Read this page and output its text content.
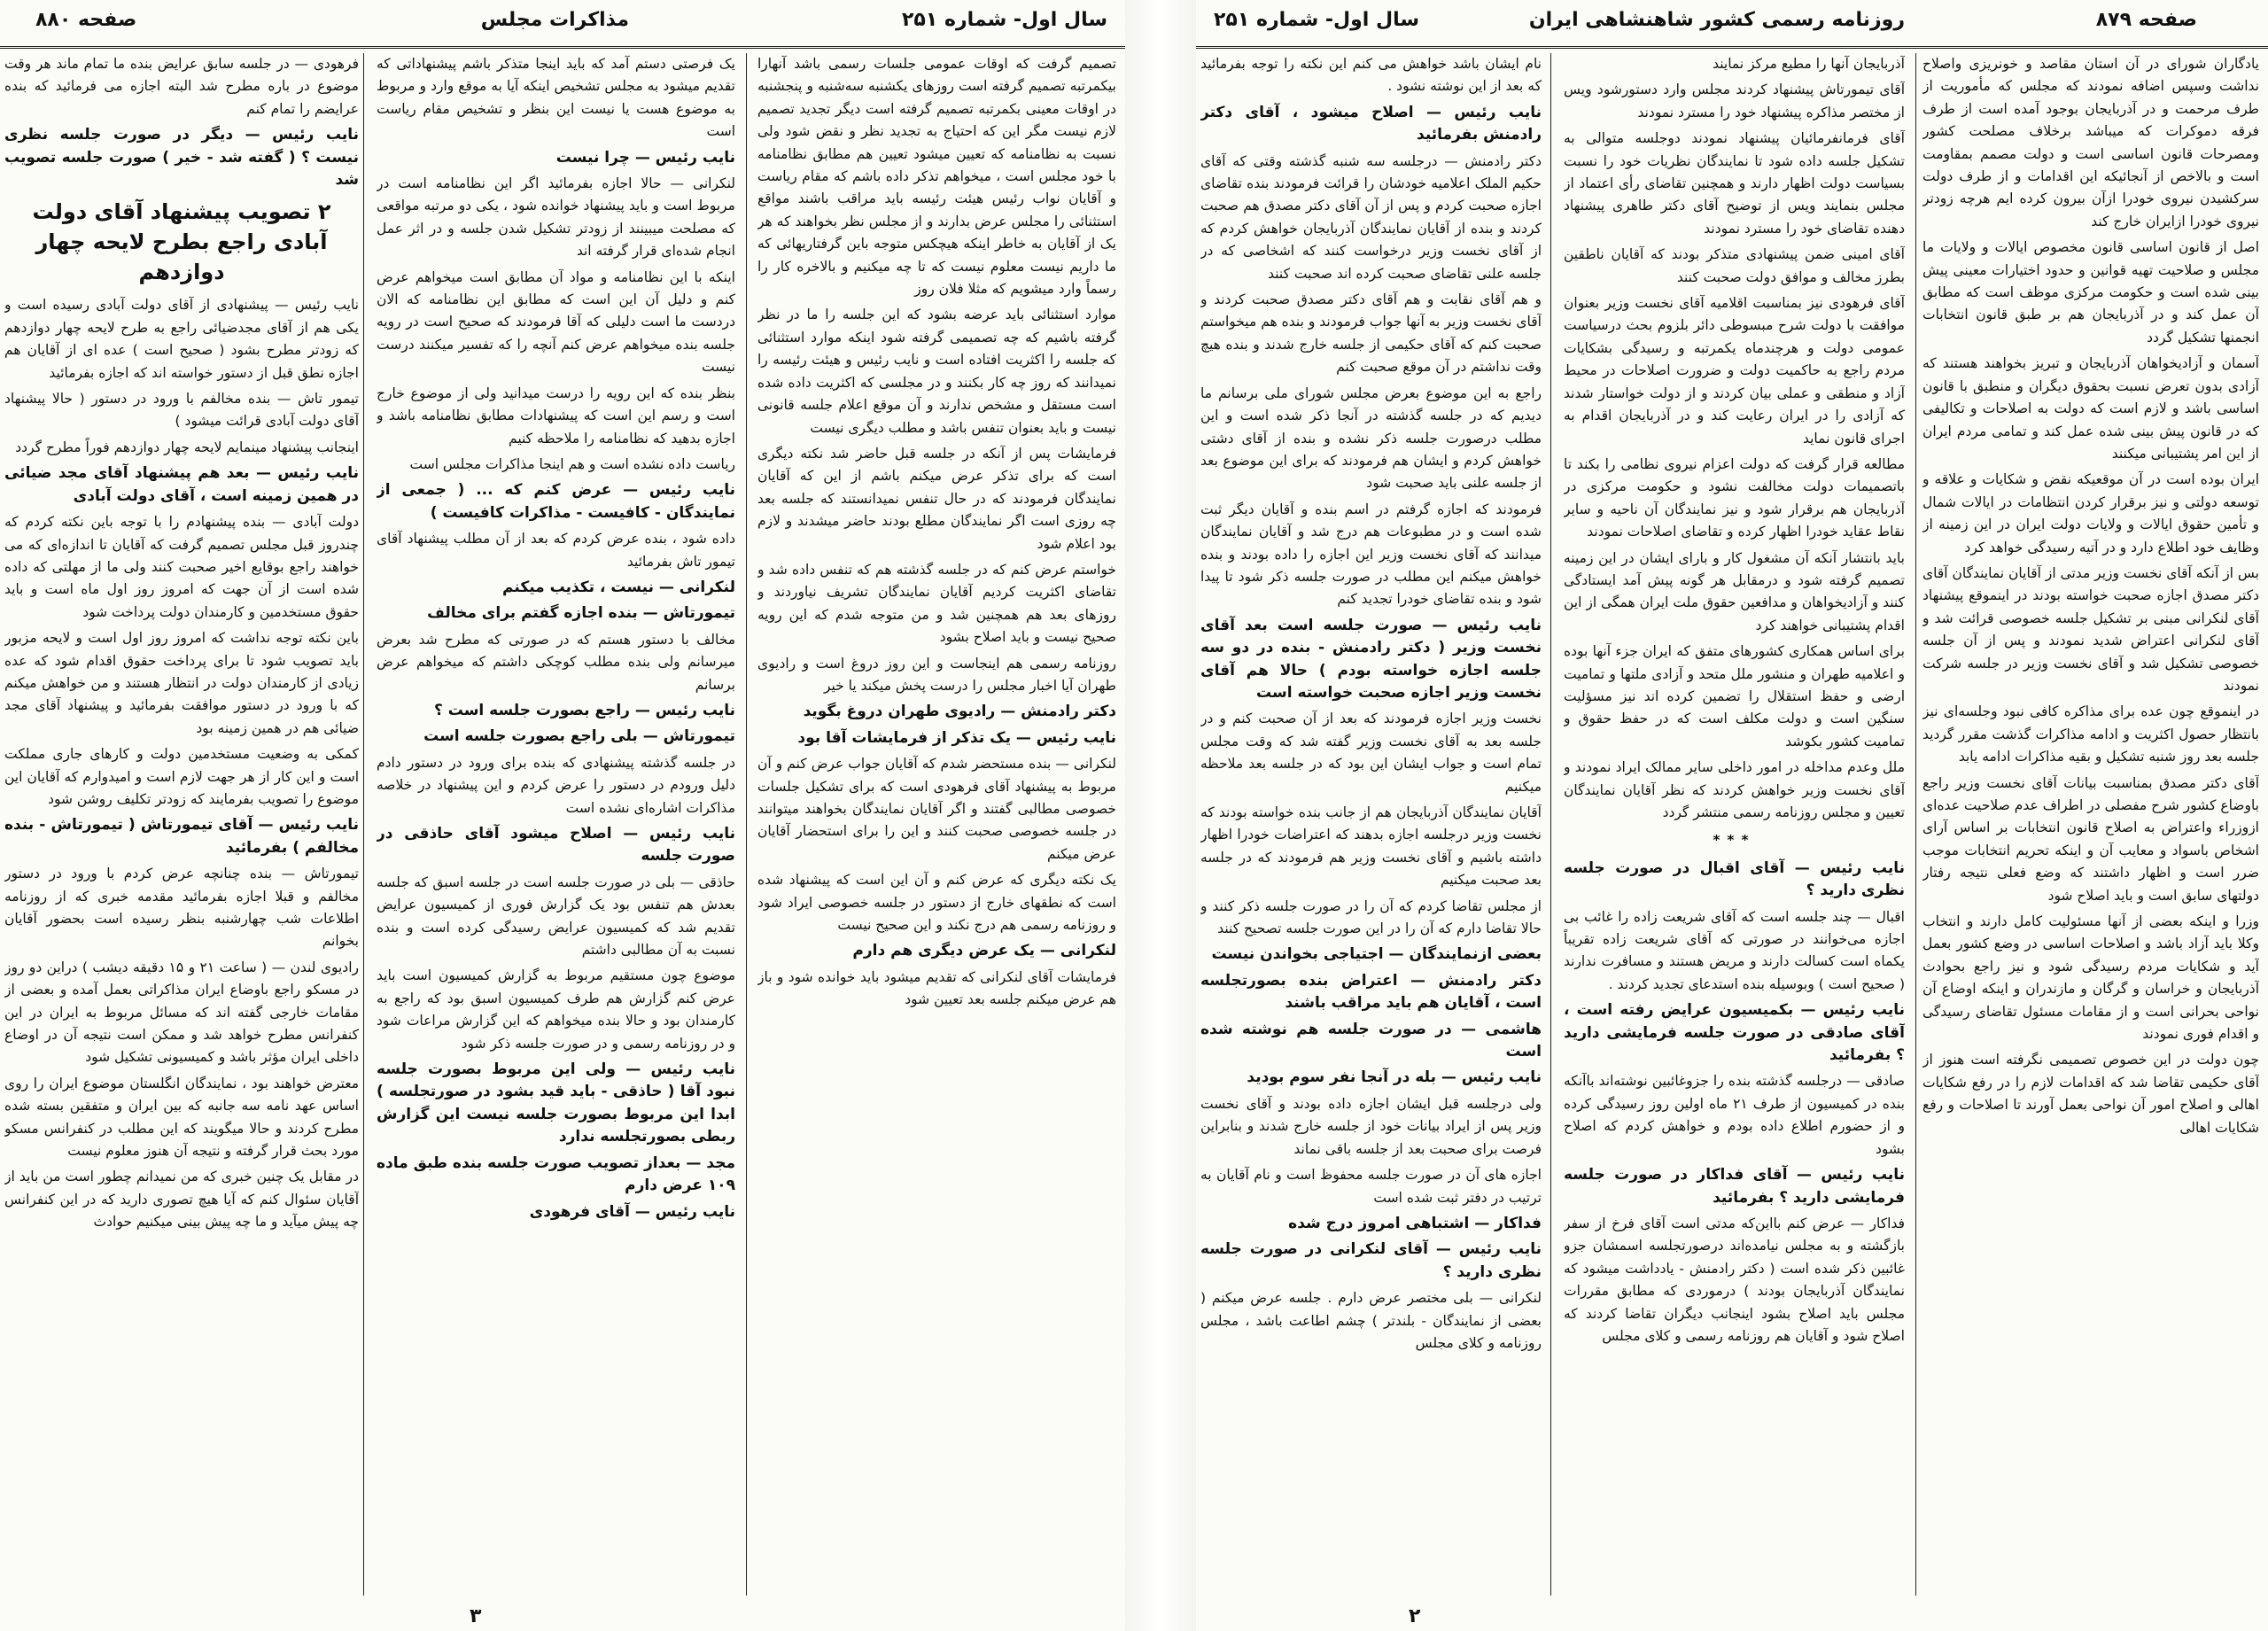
سال اول- شماره ۲۵۱
مذاکرات مجلس
صفحه ۸۸۰
تصمیم گرفت که اوقات عمومی جلسات رسمی باشد آنهارا بیکمرتبه تصمیم گرفته است روزهای یکشنبه سه‌شنبه و پنجشنبه در اوقات معینی بکمرتبه تصمیم گرفته است دیگر تجدید تصمیم لازم نیست مگر این که احتیاج به تجدید نظر و نقض شود ولی نسبت به نظامنامه که تعیین میشود تعیین هم مطابق نظامنامه با خود مجلس است ، میخواهم تذکر داده باشم که مقام ریاست و آقایان نواب رئیس هیئت رئیسه باید مراقب باشند مواقع استثنائی را مجلس عرض بدارند و از مجلس نظر بخواهند که هر یک از آقایان به خاطر اینکه هیچکس متوجه باین گرفتاریهائی که ما داریم نیست معلوم نیست که تا چه میکنیم و بالاخره کار را رسماً وارد میشویم که مثلا فلان روز
موارد استثنائی باید عرضه بشود که این جلسه را ما در نظر گرفته باشیم که چه تصمیمی گرفته شود اینکه موارد استثنائی که جلسه را اکثریت افتاده است و نایب رئیس و هیئت رئیسه را نمیدانند که روز چه کار بکنند و در مجلسی که اکثریت داده شده است مستقل و مشخص ندارند و آن موقع اعلام جلسه قانونی نیست و باید بعنوان تنفس باشد و مطلب دیگری نیست
فرمایشات پس از آنکه در جلسه قبل حاضر شد نکته دیگری است که برای تذکر عرض میکنم باشم از این که آقایان نمایندگان فرمودند که در حال تنفس نمیدانستند که جلسه بعد چه روزی است اگر نمایندگان مطلع بودند حاضر میشدند و لازم بود اعلام شود
خواستم عرض کنم که در جلسه گذشته هم که تنفس داده شد و تقاضای اکثریت کردیم آقایان نمایندگان تشریف نیاوردند و روزهای بعد هم همچنین شد و من متوجه شدم که این رویه صحیح نیست و باید اصلاح بشود
روزنامه رسمی هم اینجاست و این روز دروغ است و رادیوی طهران آیا اخبار مجلس را درست پخش میکند یا خیر
دکتر رادمنش — رادیوی طهران دروغ بگوید
نایب رئیس — یک تذکر از فرمایشات آقا بود
لنکرانی — بنده مستحضر شدم که آقایان جواب عرض کنم و آن مربوط به پیشنهاد آقای فرهودی است که برای تشکیل جلسات خصوصی مطالبی گفتند و اگر آقایان نمایندگان بخواهند میتوانند در جلسه خصوصی صحبت کنند و این را برای استحضار آقایان عرض میکنم
یک نکته دیگری که عرض کنم و آن این است که پیشنهاد شده است که نطقهای خارج از دستور در جلسه خصوصی ایراد شود و روزنامه رسمی هم درج نکند و این صحیح نیست
لنکرانی — یک عرض دیگری هم دارم
فرمایشات آقای لنکرانی که تقدیم میشود باید خوانده شود و باز هم عرض میکنم جلسه بعد تعیین شود
یک فرصتی دستم آمد که باید اینجا متذکر باشم پیشنهاداتی که تقدیم میشود به مجلس تشخیص اینکه آیا به موقع وارد و مربوط به موضوع هست یا نیست این بنظر و تشخیص مقام ریاست است
نایب رئیس — چرا نیست
لنکرانی — حالا اجازه بفرمائید اگر این نظامنامه است در مربوط است و باید پیشنهاد خوانده شود ، یکی دو مرتبه مواقعی که مصلحت میبینند از زودتر تشکیل شدن جلسه و در اثر عمل انجام شده‌ای قرار گرفته اند
اینکه با این نظامنامه و مواد آن مطابق است میخواهم عرض کنم و دلیل آن این است که مطابق این نظامنامه که الان دردست ما است دلیلی که آقا فرمودند که صحیح است در رویه جلسه بنده میخواهم عرض کنم آنچه را که تفسیر میکنند درست نیست
بنظر بنده که این رویه را درست میدانید ولی از موضوع خارج است و رسم این است که پیشنهادات مطابق نظامنامه باشد و اجازه بدهید که نظامنامه را ملاحظه کنیم
ریاست داده نشده است و هم اینجا مذاکرات مجلس است
نایب رئیس — عرض کنم که ... ( جمعی از نمایندگان - کافیست - مذاکرات کافیست )
داده شود ، بنده عرض کردم که بعد از آن مطلب پیشنهاد آقای تیمور تاش بفرمائید
لنکرانی — نیست ، تکذیب میکنم
تیمورتاش — بنده اجازه گفتم برای مخالف
مخالف با دستور هستم که در صورتی که مطرح شد بعرض میرسانم ولی بنده مطلب کوچکی داشتم که میخواهم عرض برسانم
نایب رئیس — راجع بصورت جلسه است ؟
تیمورتاش — بلی راجع بصورت جلسه است
در جلسه گذشته پیشنهادی که بنده برای ورود در دستور دادم دلیل ورودم در دستور را عرض کردم و این پیشنهاد در خلاصه مذاکرات اشاره‌ای نشده است
نایب رئیس — اصلاح میشود آقای حاذقی در صورت جلسه
حاذقی — بلی در صورت جلسه است در جلسه اسبق که جلسه بعدش هم تنفس بود یک گزارش فوری از کمیسیون عرایض تقدیم شد که کمیسیون عرایض رسیدگی کرده است و بنده نسبت به آن مطالبی داشتم
موضوع چون مستقیم مربوط به گزارش کمیسیون است باید عرض کنم گزارش هم طرف کمیسیون اسبق بود که راجع به کارمندان بود و حالا بنده میخواهم که این گزارش مراعات شود و در روزنامه رسمی و در صورت جلسه ذکر شود
نایب رئیس — ولی این مربوط بصورت جلسه نبود آقا ( حاذقی - باید قید بشود در صورتجلسه ) ابدا این مربوط بصورت جلسه نیست این گزارش ربطی بصورتجلسه ندارد
مجد — بعداز تصویب صورت جلسه بنده طبق ماده ۱۰۹ عرض دارم
نایب رئیس — آقای فرهودی
فرهودی — در جلسه سابق عرایض بنده ما تمام ماند هر وقت موضوع در باره مطرح شد البته اجازه می فرمائید که بنده عرایضم را تمام کنم
نایب رئیس — دیگر در صورت جلسه نظری نیست ؟ ( گفته شد - خیر ) صورت جلسه تصویب شد
۲ تصویب پیشنهاد آقای دولت آبادی راجع بطرح لایحه چهار دوازدهم
نایب رئیس — پیشنهادی از آقای دولت آبادی رسیده است و یکی هم از آقای مجدضیائی راجع به طرح لایحه چهار دوازدهم که زودتر مطرح بشود ( صحیح است ) عده ای از آقایان هم اجازه نطق قبل از دستور خواسته اند که اجازه بفرمائید
تیمور تاش — بنده مخالفم با ورود در دستور ( حالا پیشنهاد آقای دولت آبادی قرائت میشود )
اینجانب پیشنهاد مینمایم لایحه چهار دوازدهم فوراً مطرح گردد
نایب رئیس — بعد هم پیشنهاد آقای مجد ضیائی در همین زمینه است ، آقای دولت آبادی
دولت آبادی — بنده پیشنهادم را با توجه باین نکته کردم که چندروز قبل مجلس تصمیم گرفت که آقایان تا اندازه‌ای که می خواهند راجع بوقایع اخیر صحبت کنند ولی ما از مهلتی که داده شده است از آن جهت که امروز روز اول ماه است و باید حقوق مستخدمین و کارمندان دولت پرداخت شود
باین نکته توجه نداشت که امروز روز اول است و لایحه مزبور باید تصویب شود تا برای پرداخت حقوق اقدام شود که عده زیادی از کارمندان دولت در انتظار هستند و من خواهش میکنم که با ورود در دستور موافقت بفرمائید و پیشنهاد آقای مجد ضیائی هم در همین زمینه بود
کمکی به وضعیت مستخدمین دولت و کارهای جاری مملکت است و این کار از هر جهت لازم است و امیدوارم که آقایان این موضوع را تصویب بفرمایند که زودتر تکلیف روشن شود
نایب رئیس — آقای تیمورتاش ( تیمورتاش - بنده مخالفم ) بفرمائید
تیمورتاش — بنده چنانچه عرض کردم با ورود در دستور مخالفم و قبلا اجازه بفرمائید مقدمه خبری که از روزنامه اطلاعات شب چهارشنبه بنظر رسیده است بحضور آقایان بخوانم
رادیوی لندن — ( ساعت ۲۱ و ۱۵ دقیقه دیشب ) دراین دو روز در مسکو راجع باوضاع ایران مذاکراتی بعمل آمده و بعضی از مقامات خارجی گفته اند که مسائل مربوط به ایران در این کنفرانس مطرح خواهد شد و ممکن است نتیجه آن در اوضاع داخلی ایران مؤثر باشد و کمیسیونی تشکیل شود
معترض خواهند بود ، نمایندگان انگلستان موضوع ایران را روی اساس عهد نامه سه جانبه که بین ایران و متفقین بسته شده مطرح کردند و حالا میگویند که این مطلب در کنفرانس مسکو مورد بحث قرار گرفته و نتیجه آن هنوز معلوم نیست
در مقابل یک چنین خبری که من نمیدانم چطور است من باید از آقایان سئوال کنم که آیا هیچ تصوری دارید که در این کنفرانس چه پیش میآید و ما چه پیش بینی میکنیم حوادث
۳
صفحه ۸۷۹
روزنامه رسمی کشور شاهنشاهی ایران
سال اول- شماره ۲۵۱
یادگاران شورای در آن استان مقاصد و خونریزی واصلاح نداشت وسپس اضافه نمودند که مجلس که مأموریت از طرف مرحمت و در آذربایجان بوجود آمده است از طرف فرقه دموکرات که میباشد برخلاف مصلحت کشور ومصرحات قانون اساسی است و دولت مصمم بمقاومت است و بالاخص از آنجائیکه این اقدامات و از طرف دولت سرکشیدن نیروی خودرا ازآن بیرون کرده ایم هرچه زودتر نیروی خودرا ازایران خارج کند
اصل از قانون اساسی قانون مخصوص ایالات و ولایات ما مجلس و صلاحیت تهیه قوانین و حدود اختیارات معینی پیش بینی شده است و حکومت مرکزی موظف است که مطابق آن عمل کند و در آذربایجان هم بر طبق قانون انتخابات انجمنها تشکیل گردد
آسمان و آزادیخواهان آذربایجان و تبریز بخواهند هستند که آزادی بدون تعرض نسبت بحقوق دیگران و منطبق با قانون اساسی باشد و لازم است که دولت به اصلاحات و تکالیفی که در قانون پیش بینی شده عمل کند و تمامی مردم ایران از این امر پشتیبانی میکنند
ایران بوده است در آن موقعیکه نقض و شکایات و علاقه و توسعه دولتی و نیز برقرار کردن انتظامات در ایالات شمال و تأمین حقوق ایالات و ولایات دولت ایران در این زمینه از وظایف خود اطلاع دارد و در آتیه رسیدگی خواهد کرد
بس از آنکه آقای نخست وزیر مدتی از آقایان نمایندگان آقای دکتر مصدق اجازه صحبت خواسته بودند در اینموقع پیشنهاد آقای لنکرانی مبنی بر تشکیل جلسه خصوصی قرائت شد و آقای لنکرانی اعتراض شدید نمودند و پس از آن جلسه خصوصی تشکیل شد و آقای نخست وزیر در جلسه شرکت نمودند
در اینموقع چون عده برای مذاکره کافی نبود وجلسه‌ای نیز بانتظار حصول اکثریت و ادامه مذاکرات گذشت مقرر گردید جلسه بعد روز شنبه تشکیل و بقیه مذاکرات ادامه یابد
آقای دکتر مصدق بمناسبت بیانات آقای نخست وزیر راجع باوضاع کشور شرح مفصلی در اطراف عدم صلاحیت عده‌ای ازوزراء واعتراض به اصلاح قانون انتخابات بر اساس آرای اشخاص باسواد و معایب آن و اینکه تحریم انتخابات موجب ضرر است و اظهار داشتند که وضع فعلی نتیجه رفتار دولتهای سابق است و باید اصلاح شود
وزرا و اینکه بعضی از آنها مسئولیت کامل دارند و انتخاب وکلا باید آزاد باشد و اصلاحات اساسی در وضع کشور بعمل آید و شکایات مردم رسیدگی شود و نیز راجع بحوادث آذربایجان و خراسان و گرگان و مازندران و اینکه اوضاع آن نواحی بحرانی است و از مقامات مسئول تقاضای رسیدگی و اقدام فوری نمودند
چون دولت در این خصوص تصمیمی نگرفته است هنوز از آقای حکیمی تقاضا شد که اقدامات لازم را در رفع شکایات اهالی و اصلاح امور آن نواحی بعمل آورند تا اصلاحات و رفع شکایات اهالی
آذربایجان آنها را مطیع مرکز نمایند
آقای تیمورتاش پیشنهاد کردند مجلس وارد دستورشود ویس از مختصر مذاکره پیشنهاد خود را مسترد نمودند
آقای فرمانفرمائیان پیشنهاد نمودند دوجلسه متوالی به تشکیل جلسه داده شود تا نمایندگان نظریات خود را نسبت بسیاست دولت اظهار دارند و همچنین تقاضای رأی اعتماد از مجلس بنمایند ویس از توضیح آقای دکتر طاهری پیشنهاد دهنده تقاضای خود را مسترد نمودند
آقای امینی ضمن پیشنهادی متذکر بودند که آقایان ناطقین بطرز مخالف و موافق دولت صحبت کنند
آقای فرهودی نیز بمناسبت اقلامیه آقای نخست وزیر بعنوان موافقت با دولت شرح مبسوطی دائر بلزوم بحث درسیاست عمومی دولت و هرچندماه یکمرتبه و رسیدگی بشکایات مردم راجع به حاکمیت دولت و ضرورت اصلاحات در محیط آزاد و منطقی و عملی بیان کردند و از دولت خواستار شدند که آزادی را در ایران رعایت کند و در آذربایجان اقدام به اجرای قانون نماید
مطالعه قرار گرفت که دولت اعزام نیروی نظامی را بکند تا باتصمیمات دولت مخالفت نشود و حکومت مرکزی در آذربایجان هم برقرار شود و نیز نمایندگان آن ناحیه و سایر نقاط عقاید خودرا اظهار کرده و تقاضای اصلاحات نمودند
باید بانتشار آنکه آن مشغول کار و بارای ایشان در این زمینه تصمیم گرفته شود و درمقابل هر گونه پیش آمد ایستادگی کنند و آزادیخواهان و مدافعین حقوق ملت ایران همگی از این اقدام پشتیبانی خواهند کرد
برای اساس همکاری کشورهای متفق که ایران جزء آنها بوده و اعلامیه طهران و منشور ملل متحد و آزادی ملتها و تمامیت ارضی و حفظ استقلال را تضمین کرده اند نیز مسؤلیت سنگین است و دولت مکلف است که در حفظ حقوق و تمامیت کشور بکوشد
ملل وعدم مداخله در امور داخلی سایر ممالک ایراد نمودند و آقای نخست وزیر خواهش کردند که نظر آقایان نمایندگان تعیین و مجلس روزنامه رسمی منتشر گردد
***
نایب رئیس — آقای اقبال در صورت جلسه نظری دارید ؟
اقبال — چند جلسه است که آقای شریعت زاده را غائب بی اجازه می‌خوانند در صورتی که آقای شریعت زاده تقریباً یکماه است کسالت دارند و مریض هستند و مسافرت ندارند ( صحیح است ) وبوسیله بنده استدعای تجدید کردند .
نایب رئیس — بکمیسیون عرایض رفته است ، آقای صادقی در صورت جلسه فرمایشی دارید ؟ بفرمائید
صادقی — درجلسه گذشته بنده را جزوغائبین نوشته‌اند باآنکه بنده در کمیسیون از طرف ۲۱ ماه اولین روز رسیدگی کرده و از حضورم اطلاع داده بودم و خواهش کردم که اصلاح بشود
نایب رئیس — آقای فداکار در صورت جلسه فرمایشی دارید ؟ بفرمائید
فداکار — عرض کنم بااین‌که مدتی است آقای فرخ از سفر بازگشته و به مجلس نیامده‌اند درصورتجلسه اسمشان جزو غائبین ذکر شده است ( دکتر رادمنش - یادداشت میشود که نمایندگان آذربایجان بودند ) درموردی که مطابق مقررات مجلس باید اصلاح بشود اینجانب دیگران تقاضا کردند که اصلاح شود و آقایان هم روزنامه رسمی و کلای مجلس
نام ایشان باشد خواهش می کنم این نکته را توجه بفرمائید که بعد از این نوشته نشود .
نایب رئیس — اصلاح میشود ، آقای دکتر رادمنش بفرمائید
دکتر رادمنش — درجلسه سه شنبه گذشته وقتی که آقای حکیم الملک اعلامیه خودشان را قرائت فرمودند بنده تقاضای اجازه صحبت کردم و پس از آن آقای دکتر مصدق هم صحبت کردند و بنده از آقایان نمایندگان آذربایجان خواهش کردم که از آقای نخست وزیر درخواست کنند که اشخاصی که در جلسه علنی تقاضای صحبت کرده اند صحبت کنند
و هم آقای نقابت و هم آقای دکتر مصدق صحبت کردند و آقای نخست وزیر به آنها جواب فرمودند و بنده هم میخواستم صحبت کنم که آقای حکیمی از جلسه خارج شدند و بنده هیچ وقت نداشتم در آن موقع صحبت کنم
راجع به این موضوع بعرض مجلس شورای ملی برسانم ما دیدیم که در جلسه گذشته در آنجا ذکر شده است و این مطلب درصورت جلسه ذکر نشده و بنده از آقای دشتی خواهش کردم و ایشان هم فرمودند که برای این موضوع بعد از جلسه علنی باید صحبت شود
فرمودند که اجازه گرفتم در اسم بنده و آقایان دیگر ثبت شده است و در مطبوعات هم درج شد و آقایان نمایندگان میدانند که آقای نخست وزیر این اجازه را داده بودند و بنده خواهش میکنم این مطلب در صورت جلسه ذکر شود تا پیدا شود و بنده تقاضای خودرا تجدید کنم
نایب رئیس — صورت جلسه است بعد آقای نخست وزیر ( دکتر رادمنش - بنده در دو سه جلسه اجازه خواسته بودم ) حالا هم آقای نخست وزیر اجازه صحبت خواسته است
نخست وزیر اجازه فرمودند که بعد از آن صحبت کنم و در جلسه بعد به آقای نخست وزیر گفته شد که وقت مجلس تمام است و جواب ایشان این بود که در جلسه بعد ملاحظه میکنیم
آقایان نمایندگان آذربایجان هم از جانب بنده خواسته بودند که نخست وزیر درجلسه اجازه بدهند که اعتراضات خودرا اظهار داشته باشیم و آقای نخست وزیر هم فرمودند که در جلسه بعد صحبت میکنیم
از مجلس تقاضا کردم که آن را در صورت جلسه ذکر کنند و حالا تقاضا دارم که آن را در این صورت جلسه تصحیح کنند
بعضی ازنمایندگان — اجتیاجی بخواندن نیست
دکتر رادمنش — اعتراض بنده بصورتجلسه است ، آقایان هم باید مراقب باشند
هاشمی — در صورت جلسه هم نوشته شده است
نایب رئیس — بله در آنجا نفر سوم بودید
ولی درجلسه قبل ایشان اجازه داده بودند و آقای نخست وزیر پس از ایراد بیانات خود از جلسه خارج شدند و بنابراین فرصت برای صحبت بعد از جلسه باقی نماند
اجازه های آن در صورت جلسه محفوظ است و نام آقایان به ترتیب در دفتر ثبت شده است
فداکار — اشتباهی امروز درج شده
نایب رئیس — آقای لنکرانی در صورت جلسه نظری دارید ؟
لنکرانی — بلی مختصر عرض دارم . جلسه عرض میکنم ( بعضی از نمایندگان - بلندتر ) چشم اطاعت باشد ، مجلس روزنامه و کلای مجلس
۲
